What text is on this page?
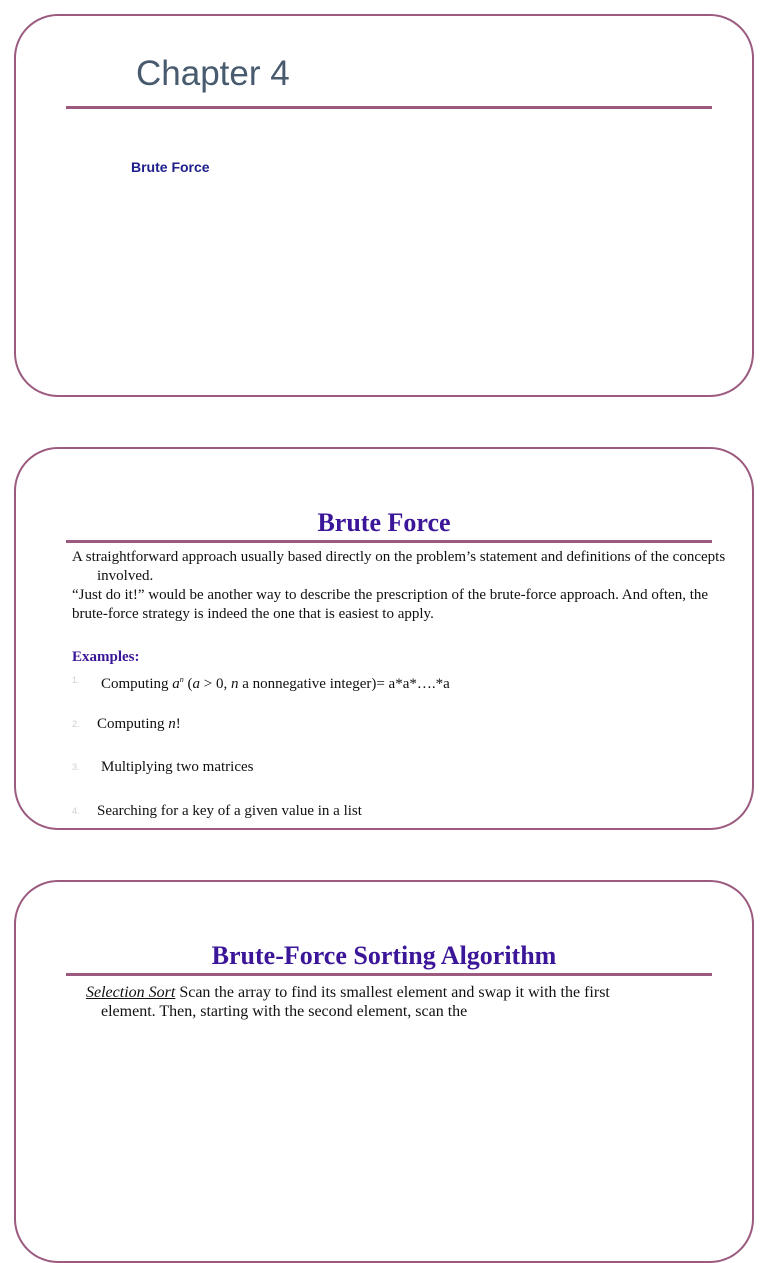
Chapter 4
Brute Force
Brute Force

A straightforward approach usually based directly on the problem’s statement and definitions of the concepts involved.

“Just do it!” would be another way to describe the prescription of the brute-force approach. And often, the brute-force strategy is indeed the one that is easiest to apply.

Examples:
1. Computing $a^n$ (a > 0, n a nonnegative integer)= a*a*….*a
2. Computing n!
3. Multiplying two matrices
4. Searching for a key of a given value in a list
Brute-Force Sorting Algorithm

Selection Sort Scan the array to find its smallest element and swap it with the first element. Then, starting with the second element, scan the
